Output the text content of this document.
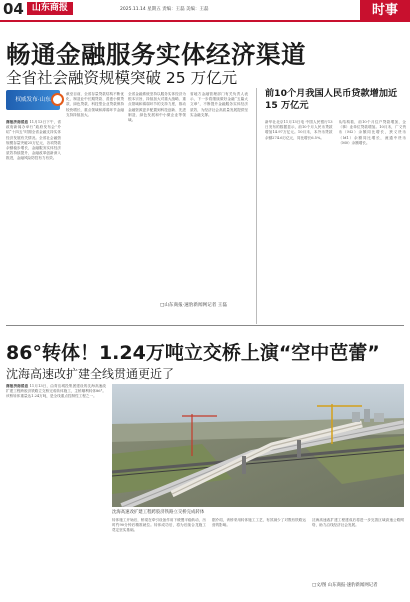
04 山东商报	2025.11.14 星期五 责编：王磊 美编：王磊	时事
畅通金融服务实体经济渠道
全省社会融资规模突破 25 万亿元
权威发布·山东
商报济南消息 11月13日下午，省政府新闻办举行“政府发布会”介绍“十四五”时期全省金融支持实体经济发展有关情况。全省社会融资规模存量突破25万亿元，各项贷款余额稳步增长，金融服务实体经济质效持续提升，金融改革创新深入推进，金融风险防控有力有效。

截至目前，全省存量贷款结构不断优化，制造业中长期贷款、普惠小微贷款、绿色贷款、科技型企业贷款保持较快增长，重点领域和薄弱环节金融支持持续加大。

全省金融系统坚持以服务实体经济为根本宗旨，持续加大对重大战略、重点领域和薄弱环节的支持力度，推动金融资源更多配置到科技创新、先进制造、绿色发展和中小微企业等领域。

省地方金融管理部门有关负责人表示，下一步将继续做好金融“五篇大文章”，不断提升金融服务实体经济质效，为经济社会高质量发展提供坚实金融支撑。

前10个月我国人民币贷款增加近 15 万亿元

新华社北京11月13日电 中国人民银行13日发布的数据显示，前10个月人民币贷款增加14.97万亿元。10月末，本外币贷款余额274.6万亿元，同比增长6.5%。

从结构看，前10个月住户贷款增加，企（事）业单位贷款增加。10月末，广义货币（M2）余额同比增长，狭义货币（M1）余额同比增长，流通中货币（M0）余额增长。

□山东商报·速豹新闻网记者 王磊
86°转体！1.24万吨立交桥上演“空中芭蕾”
沈海高速改扩建全线贯通更近了
商报济南消息 11月13日，由青岛城投集团建设的沈海高速改扩建工程跨胶济铁路立交桥完成转体施工，主桥顺利转体86°。该桥转体重量达1.24万吨，是全线重点控制性工程之一。
沈海高速改扩建工程跨胶济铁路立交桥完成转体

转体施工开始后，桥梁在牵引设备作用下缓慢平稳转动，历时约90分钟后精准就位。转体成功后，将为后续合龙施工奠定坚实基础。

据介绍，该桥采用转体施工工艺，有效减少了对既有铁路运营的影响。

沈海高速改扩建工程建成后将进一步完善区域高速公路网络，助力沿线经济社会发展。

□文/图 山东商报·速豹新闻网记者
